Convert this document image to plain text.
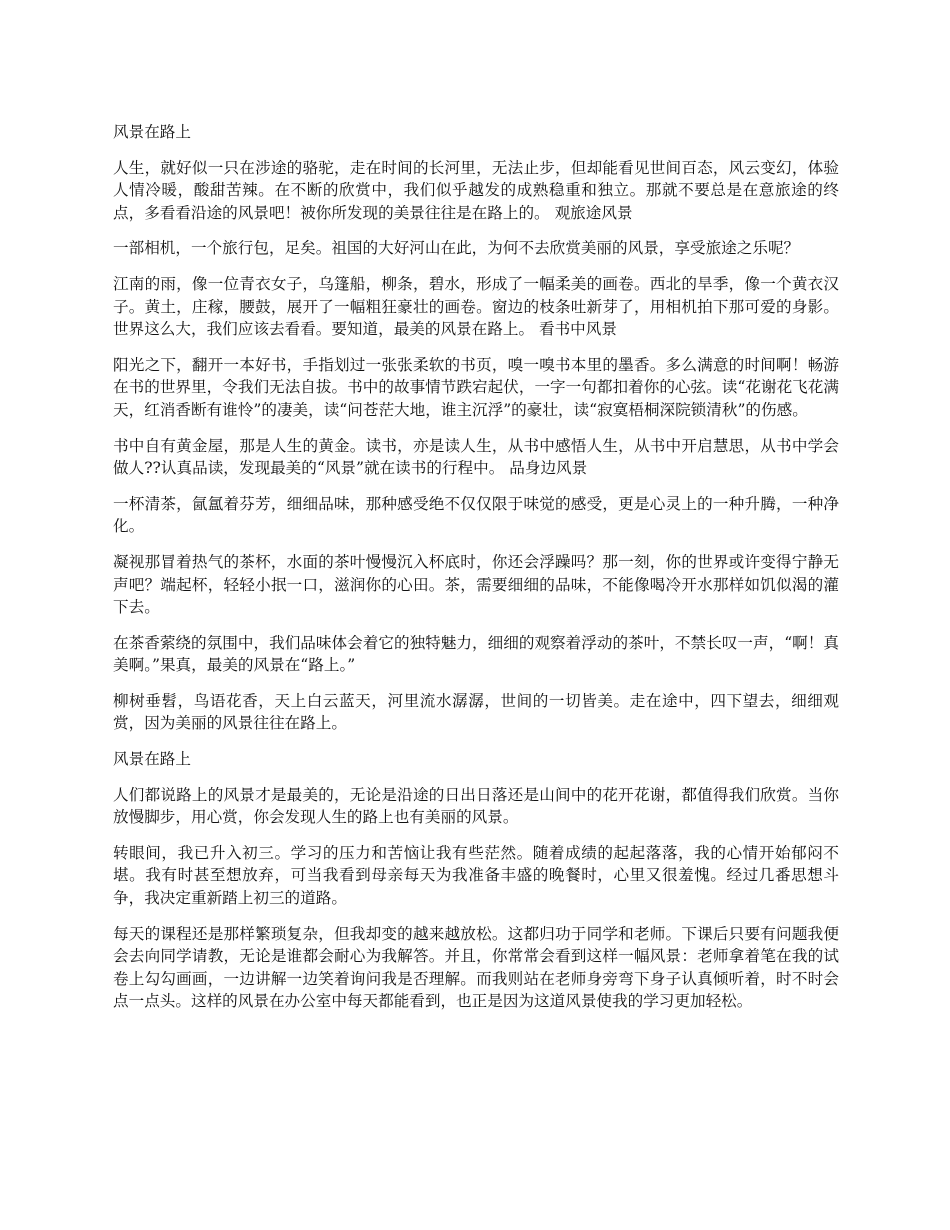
风景在路上

人生，就好似一只在涉途的骆驼，走在时间的长河里，无法止步，但却能看见世间百态，风云变幻，体验人情冷暖，酸甜苦辣。在不断的欣赏中，我们似乎越发的成熟稳重和独立。那就不要总是在意旅途的终点，多看看沿途的风景吧！被你所发现的美景往往是在路上的。 观旅途风景

一部相机，一个旅行包，足矣。祖国的大好河山在此，为何不去欣赏美丽的风景，享受旅途之乐呢？

江南的雨，像一位青衣女子，乌篷船，柳条，碧水，形成了一幅柔美的画卷。西北的旱季，像一个黄衣汉子。黄土，庄稼，腰鼓，展开了一幅粗狂豪壮的画卷。窗边的枝条吐新芽了，用相机拍下那可爱的身影。世界这么大，我们应该去看看。要知道，最美的风景在路上。 看书中风景

阳光之下，翻开一本好书，手指划过一张张柔软的书页，嗅一嗅书本里的墨香。多么满意的时间啊！畅游在书的世界里，令我们无法自拔。书中的故事情节跌宕起伏，一字一句都扣着你的心弦。读“花谢花飞花满天，红消香断有谁怜”的凄美，读“问苍茫大地，谁主沉浮”的豪壮，读“寂寞梧桐深院锁清秋”的伤感。

书中自有黄金屋，那是人生的黄金。读书，亦是读人生，从书中感悟人生，从书中开启慧思，从书中学会做人??认真品读，发现最美的“风景”就在读书的行程中。 品身边风景

一杯清茶，氤氲着芬芳，细细品味，那种感受绝不仅仅限于味觉的感受，更是心灵上的一种升腾，一种净化。

凝视那冒着热气的茶杯，水面的茶叶慢慢沉入杯底时，你还会浮躁吗？那一刻，你的世界或许变得宁静无声吧？端起杯，轻轻小抿一口，滋润你的心田。茶，需要细细的品味，不能像喝冷开水那样如饥似渴的灌下去。

在茶香萦绕的氛围中，我们品味体会着它的独特魅力，细细的观察着浮动的茶叶，不禁长叹一声，“啊！真美啊。”果真，最美的风景在“路上。”

柳树垂髫，鸟语花香，天上白云蓝天，河里流水潺潺，世间的一切皆美。走在途中，四下望去，细细观赏，因为美丽的风景往往在路上。

风景在路上

人们都说路上的风景才是最美的，无论是沿途的日出日落还是山间中的花开花谢，都值得我们欣赏。当你放慢脚步，用心赏，你会发现人生的路上也有美丽的风景。

转眼间，我已升入初三。学习的压力和苦恼让我有些茫然。随着成绩的起起落落，我的心情开始郁闷不堪。我有时甚至想放弃，可当我看到母亲每天为我准备丰盛的晚餐时，心里又很羞愧。经过几番思想斗争，我决定重新踏上初三的道路。

每天的课程还是那样繁琐复杂，但我却变的越来越放松。这都归功于同学和老师。下课后只要有问题我便会去向同学请教，无论是谁都会耐心为我解答。并且，你常常会看到这样一幅风景：老师拿着笔在我的试卷上勾勾画画，一边讲解一边笑着询问我是否理解。而我则站在老师身旁弯下身子认真倾听着，时不时会点一点头。这样的风景在办公室中每天都能看到，也正是因为这道风景使我的学习更加轻松。
